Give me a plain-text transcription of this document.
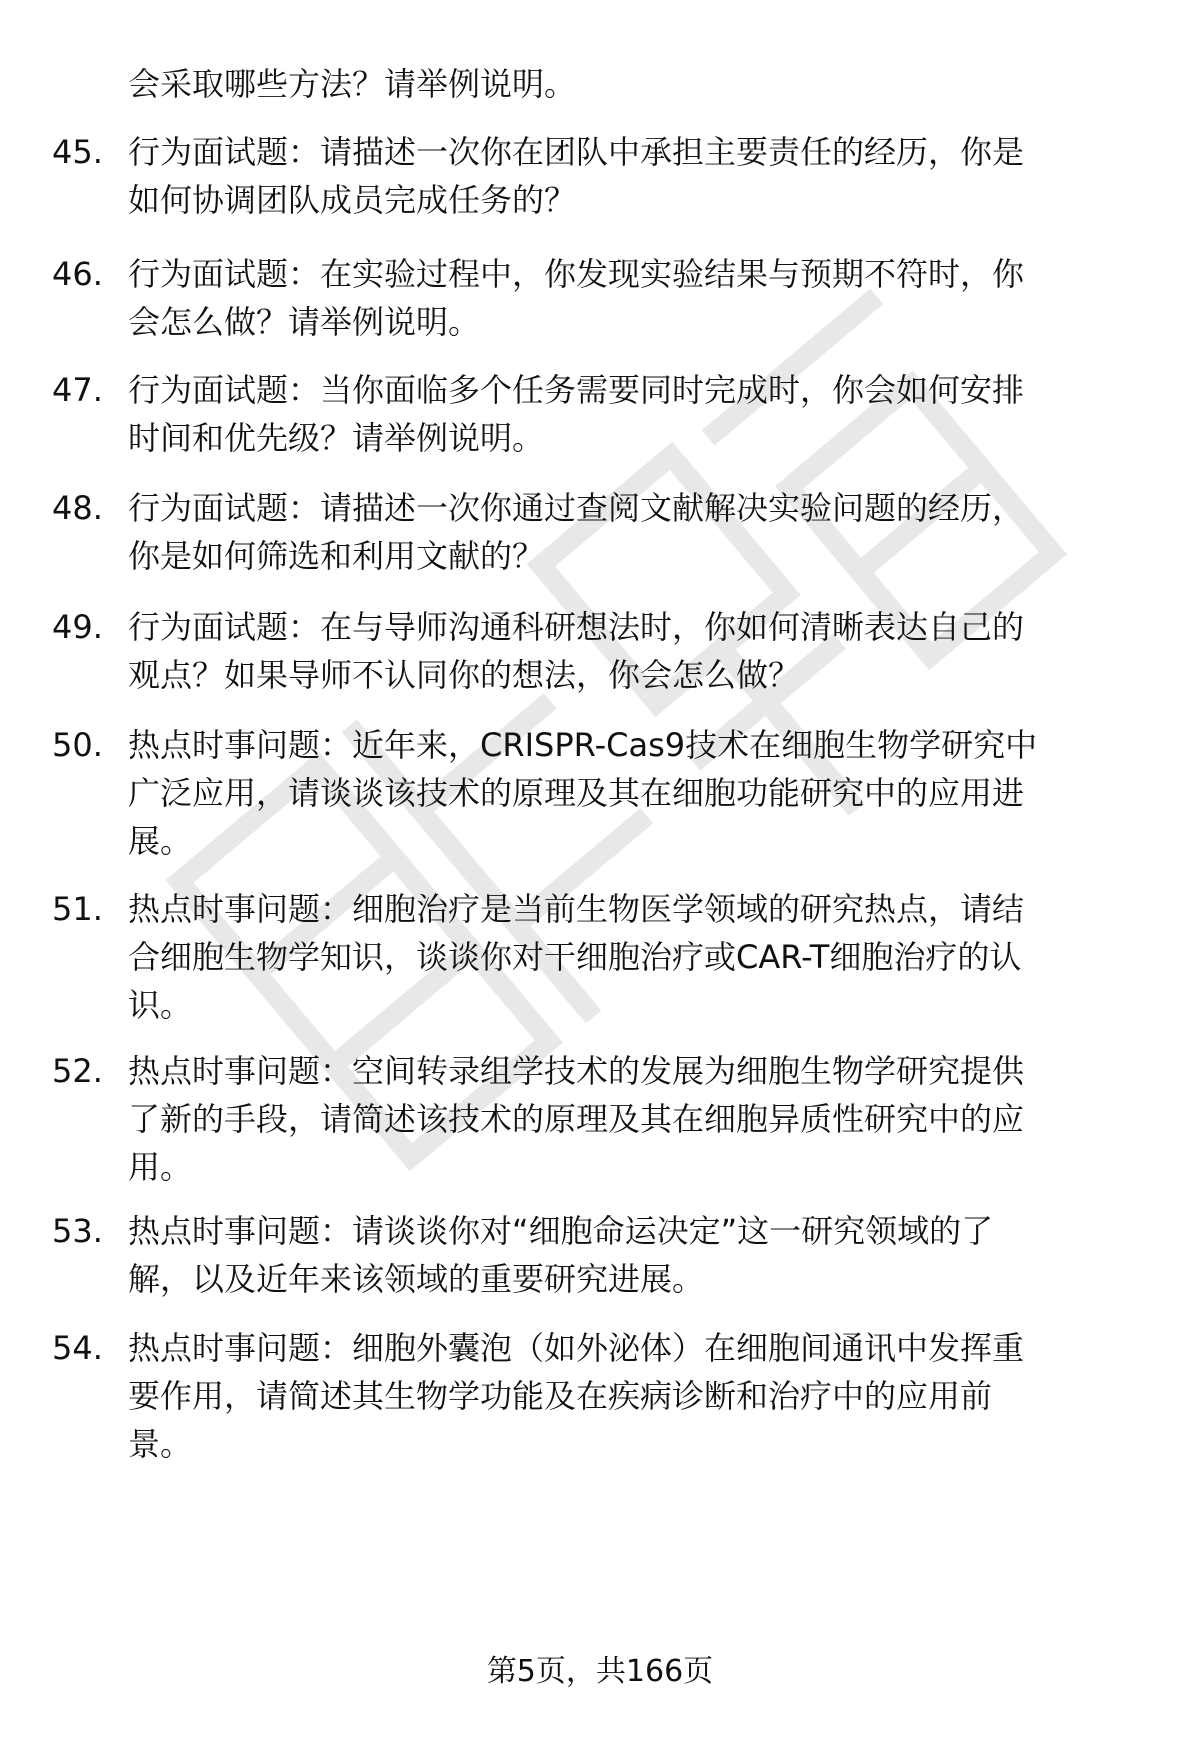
会采取哪些方法？请举例说明。
45. 行为面试题：请描述一次你在团队中承担主要责任的经历，你是
如何协调团队成员完成任务的？
46. 行为面试题：在实验过程中，你发现实验结果与预期不符时，你
会怎么做？请举例说明。
47. 行为面试题：当你面临多个任务需要同时完成时，你会如何安排
时间和优先级？请举例说明。
48. 行为面试题：请描述一次你通过查阅文献解决实验问题的经历，
你是如何筛选和利用文献的？
49. 行为面试题：在与导师沟通科研想法时，你如何清晰表达自己的
观点？如果导师不认同你的想法，你会怎么做？
50. 热点时事问题：近年来，CRISPR-Cas9技术在细胞生物学研究中
广泛应用，请谈谈该技术的原理及其在细胞功能研究中的应用进
展。
51. 热点时事问题：细胞治疗是当前生物医学领域的研究热点，请结
合细胞生物学知识，谈谈你对干细胞治疗或CAR-T细胞治疗的认
识。
52. 热点时事问题：空间转录组学技术的发展为细胞生物学研究提供
了新的手段，请简述该技术的原理及其在细胞异质性研究中的应
用。
53. 热点时事问题：请谈谈你对“细胞命运决定”这一研究领域的了
解，以及近年来该领域的重要研究进展。
54. 热点时事问题：细胞外囊泡（如外泌体）在细胞间通讯中发挥重
要作用，请简述其生物学功能及在疾病诊断和治疗中的应用前
景。
第5页，共166页
